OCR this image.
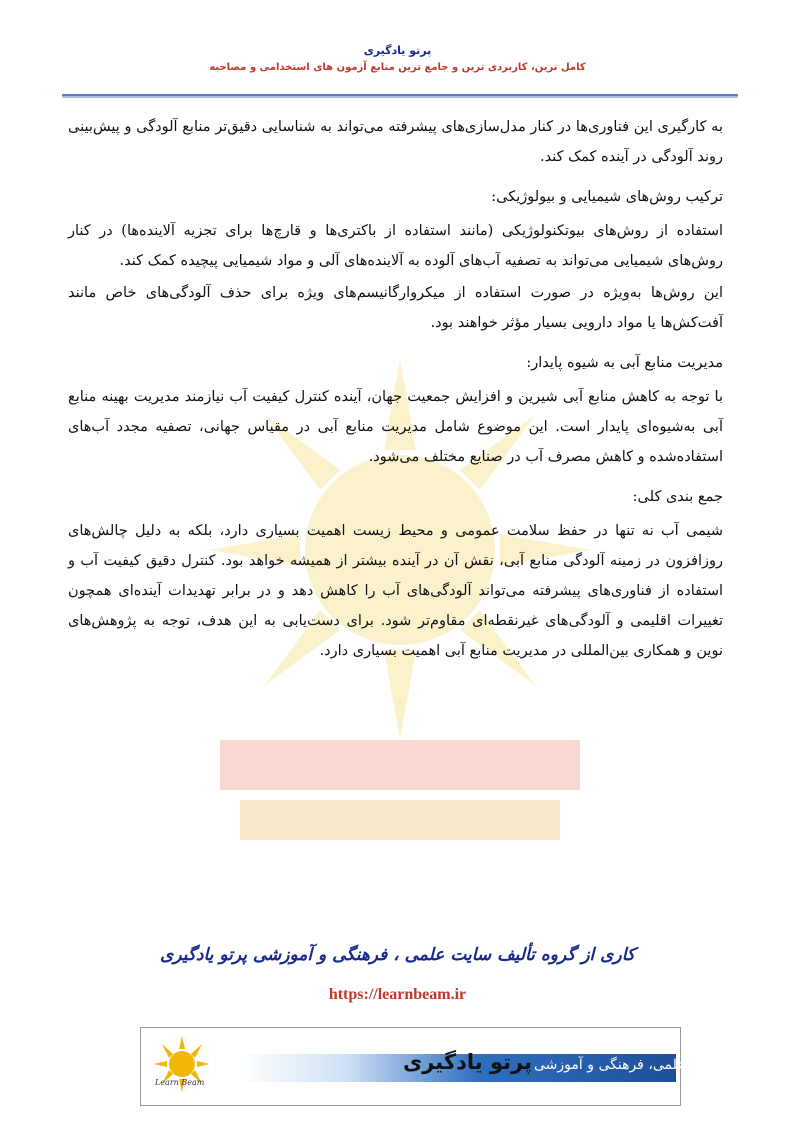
پرتو یادگیری
کامل ترین، کاربردی ترین و جامع ترین منابع آزمون های استخدامی و مصاحبه

به کارگیری این فناوری‌ها در کنار مدل‌سازی‌های پیشرفته می‌تواند به شناسایی دقیق‌تر منابع آلودگی و پیش‌بینی روند آلودگی در آینده کمک کند.

ترکیب روش‌های شیمیایی و بیولوژیکی:

استفاده از روش‌های بیوتکنولوژیکی (مانند استفاده از باکتری‌ها و قارچ‌ها برای تجزیه آلاینده‌ها) در کنار روش‌های شیمیایی می‌تواند به تصفیه آب‌های آلوده به آلاینده‌های آلی و مواد شیمیایی پیچیده کمک کند.

این روش‌ها به‌ویژه در صورت استفاده از میکروارگانیسم‌های ویژه برای حذف آلودگی‌های خاص مانند آفت‌کش‌ها یا مواد دارویی بسیار مؤثر خواهند بود.

مدیریت منابع آبی به شیوه پایدار:

با توجه به کاهش منابع آبی شیرین و افزایش جمعیت جهان، آینده کنترل کیفیت آب نیازمند مدیریت بهینه منابع آبی به‌شیوه‌ای پایدار است. این موضوع شامل مدیریت منابع آبی در مقیاس جهانی، تصفیه مجدد آب‌های استفاده‌شده و کاهش مصرف آب در صنایع مختلف می‌شود.

جمع بندی کلی:

شیمی آب نه تنها در حفظ سلامت عمومی و محیط زیست اهمیت بسیاری دارد، بلکه به دلیل چالش‌های روزافزون در زمینه آلودگی منابع آبی، نقش آن در آینده بیشتر از همیشه خواهد بود. کنترل دقیق کیفیت آب و استفاده از فناوری‌های پیشرفته می‌تواند آلودگی‌های آب را کاهش دهد و در برابر تهدیدات آینده‌ای همچون تغییرات اقلیمی و آلودگی‌های غیرنقطه‌ای مقاوم‌تر شود. برای دست‌یابی به این هدف، توجه به پژوهش‌های نوین و همکاری بین‌المللی در مدیریت منابع آبی اهمیت بسیاری دارد.

کاری از گروه تألیف سایت علمی ، فرهنگی و آموزشی پرتو یادگیری
https://learnbeam.ir
Learn Beam
پرتو یادگیری سایت علمی، فرهنگی و آموزشی
